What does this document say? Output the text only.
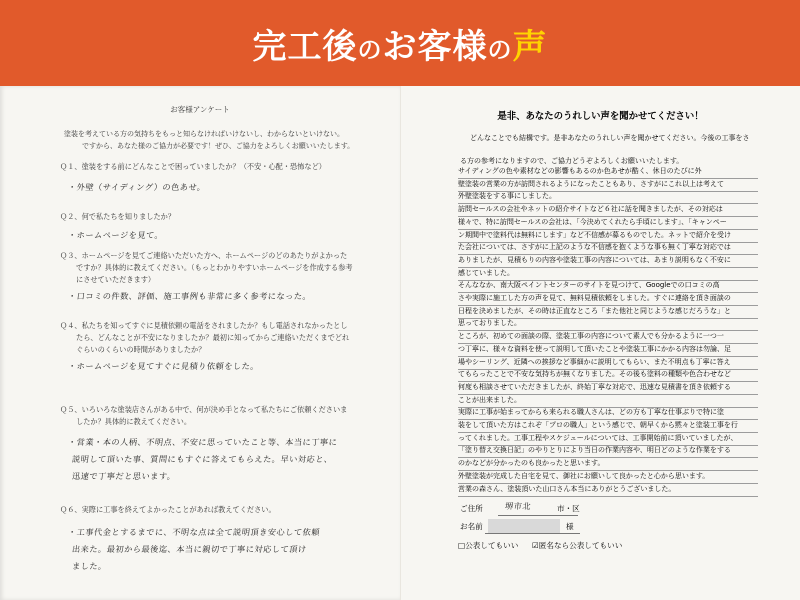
完工後のお客様の声
お客様アンケート
塗装を考えている方の気持ちをもっと知らなければいけないし、わからないといけない。
ですから、あなた様のご協力が必要です！ぜひ、ご協力をよろしくお願いいたします。
Ｑ１、塗装をする前にどんなことで困っていましたか？（不安・心配・恐怖など）
・外壁（サイディング）の色あせ。
Ｑ２、何で私たちを知りましたか？
・ホームページを見て。
Ｑ３、ホームページを見てご連絡いただいた方へ、ホームページのどのあたりがよかった
ですか？具体的に教えてください。（もっとわかりやすいホームページを作成する参考
にさせていただきます）
・口コミの件数、評価、施工事例も非常に多く参考になった。
Ｑ４、私たちを知ってすぐに見積依頼の電話をされましたか？もし電話されなかったとし
たら、どんなことが不安になりましたか？最初に知ってからご連絡いただくまでどれ
ぐらいのくらいの時間がありましたか？
・ホームページを見てすぐに見積り依頼をした。
Ｑ５、いろいろな塗装店さんがある中で、何が決め手となって私たちにご依頼くださいま
したか？具体的に教えてください。
・営業・本の人柄、不明点、不安に思っていたこと等、本当に丁寧に
説明して頂いた事、質問にもすぐに答えてもらえた。早い対応と、
迅速で丁寧だと思います。
Ｑ６、実際に工事を終えてよかったことがあれば教えてください。
・工事代金とするまでに、不明な点は全て説明頂き安心して依頼
出来た。最初から最後迄、本当に親切で丁寧に対応して頂け
ました。
是非、あなたのうれしい声を聞かせてください！
どんなことでも結構です。是非あなたのうれしい声を聞かせてください。今後の工事をさ
る方の参考になりますので、ご協力どうぞよろしくお願いいたします。
サイディングの色や素材などの影響もあるのか色あせが酷く、休日のたびに外
壁塗装の営業の方が訪問されるようになったこともあり、さすがにこれ以上は考えて
外壁塗装をする事にしました。
訪問セールスの会社やネットの紹介サイトなど６社に話を聞きましたが、その対応は
様々で、特に訪問セールスの会社は、「今決めてくれたら手頃にします」、「キャンペー
ン期間中で塗料代は無料にします」など不信感が募るものでした。ネットで紹介を受け
た会社については、さすがに上記のような不信感を抱くような事も無く丁寧な対応では
ありましたが、見積もりの内容や塗装工事の内容については、あまり説明もなく不安に
感じていました。
そんななか、南大阪ペイントセンターのサイトを見つけて、Googleでの口コミの高
さや実際に施工した方の声を見て、無料見積依頼をしました。すぐに連絡を頂き面談の
日程を決めましたが、その時は正直なところ「また他社と同じような感じだろうな」と
思っておりました。
ところが、初めての面談の際、塗装工事の内容について素人でも分かるように一つ一
つ丁寧に、様々な資料を使って説明して頂いたことや塗装工事にかかる内容は勿論、足
場やシーリング、近隣への挨拶など事細かに説明してもらい、また不明点も丁寧に答え
てもらったことで不安な気持ちが無くなりました。その後も塗料の種類や色合わせなど
何度も相談させていただきましたが、終始丁寧な対応で、迅速な見積書を頂き依頼する
ことが出来ました。
実際に工事が始まってからも来られる職人さんは、どの方も丁寧な仕事ぶりで特に塗
装をして頂いた方はこれぞ「プロの職人」という感じで、朝早くから黙々と塗装工事を行
ってくれました。工事工程やスケジュールについては、工事開始前に頂いていましたが、
「塗り替え交換日記」のやりとりにより当日の作業内容や、明日どのような作業をする
のかなどが分かったのも良かったと思います。
外壁塗装が完成した自宅を見て、御社にお願いして良かったと心から思います。
営業の森さん、塗装頂いた山口さん本当にありがとうございました。
ご住所	堺市北	市・区
お名前	様
□公表してもいい ☑匿名なら公表してもいい
